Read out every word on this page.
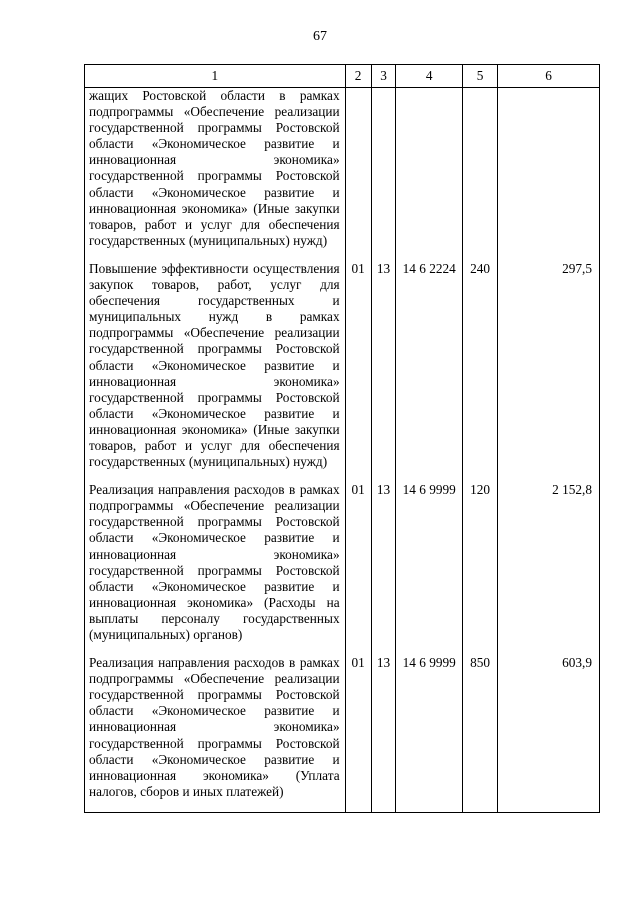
67
1	2	3	4	5	6
жащих Ростовской области в рамках подпрограммы «Обеспечение реализации государственной программы Ростовской области «Экономическое развитие и инновационная экономика» государственной программы Ростовской области «Экономическое развитие и инновационная экономика» (Иные закупки товаров, работ и услуг для обеспечения государственных (муниципальных) нужд)					
Повышение эффективности осуществления закупок товаров, работ, услуг для обеспечения государственных и муниципальных нужд в рамках подпрограммы «Обеспечение реализации государственной программы Ростовской области «Экономическое развитие и инновационная экономика» государственной программы Ростовской области «Экономическое развитие и инновационная экономика» (Иные закупки товаров, работ и услуг для обеспечения государственных (муниципальных) нужд)	01	13	14 6 2224	240	297,5
Реализация направления расходов в рамках подпрограммы «Обеспечение реализации государственной программы Ростовской области «Экономическое развитие и инновационная экономика» государственной программы Ростовской области «Экономическое развитие и инновационная экономика» (Расходы на выплаты персоналу государственных (муниципальных) органов)	01	13	14 6 9999	120	2 152,8
Реализация направления расходов в рамках подпрограммы «Обеспечение реализации государственной программы Ростовской области «Экономическое развитие и инновационная экономика» государственной программы Ростовской области «Экономическое развитие и инновационная экономика» (Уплата налогов, сборов и иных платежей)	01	13	14 6 9999	850	603,9
